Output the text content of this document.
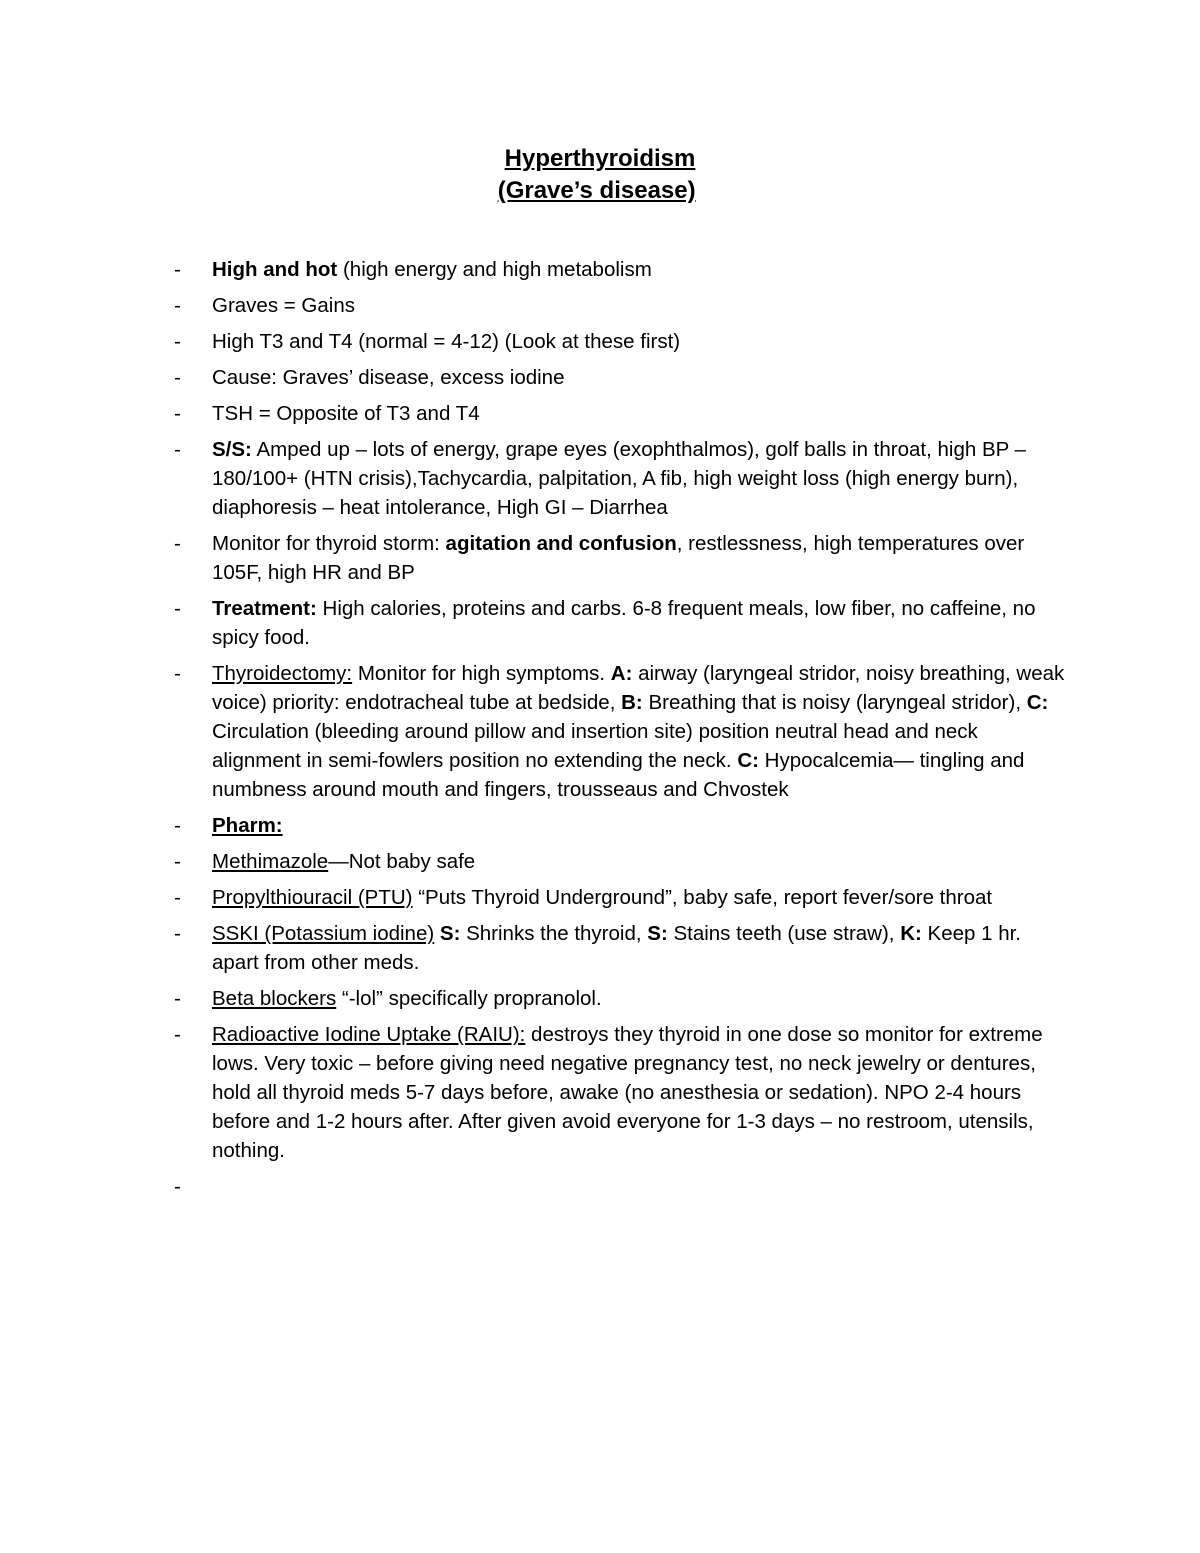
Hyperthyroidism
(Grave’s disease)
- High and hot (high energy and high metabolism
- Graves = Gains
- High T3 and T4 (normal = 4-12) (Look at these first)
- Cause: Graves’ disease, excess iodine
- TSH = Opposite of T3 and T4
- S/S: Amped up – lots of energy, grape eyes (exophthalmos), golf balls in throat, high BP – 180/100+ (HTN crisis),Tachycardia, palpitation, A fib, high weight loss (high energy burn), diaphoresis – heat intolerance, High GI – Diarrhea
- Monitor for thyroid storm: agitation and confusion, restlessness, high temperatures over 105F, high HR and BP
- Treatment: High calories, proteins and carbs. 6-8 frequent meals, low fiber, no caffeine, no spicy food.
- Thyroidectomy: Monitor for high symptoms. A: airway (laryngeal stridor, noisy breathing, weak voice) priority: endotracheal tube at bedside, B: Breathing that is noisy (laryngeal stridor), C: Circulation (bleeding around pillow and insertion site) position neutral head and neck alignment in semi-fowlers position no extending the neck. C: Hypocalcemia— tingling and numbness around mouth and fingers, trousseaus and Chvostek
- Pharm:
- Methimazole—Not baby safe
- Propylthiouracil (PTU) “Puts Thyroid Underground”, baby safe, report fever/sore throat
- SSKI (Potassium iodine) S: Shrinks the thyroid, S: Stains teeth (use straw), K: Keep 1 hr. apart from other meds.
- Beta blockers “-lol” specifically propranolol.
- Radioactive Iodine Uptake (RAIU): destroys they thyroid in one dose so monitor for extreme lows. Very toxic – before giving need negative pregnancy test, no neck jewelry or dentures, hold all thyroid meds 5-7 days before, awake (no anesthesia or sedation). NPO 2-4 hours before and 1-2 hours after. After given avoid everyone for 1-3 days – no restroom, utensils, nothing.
-
